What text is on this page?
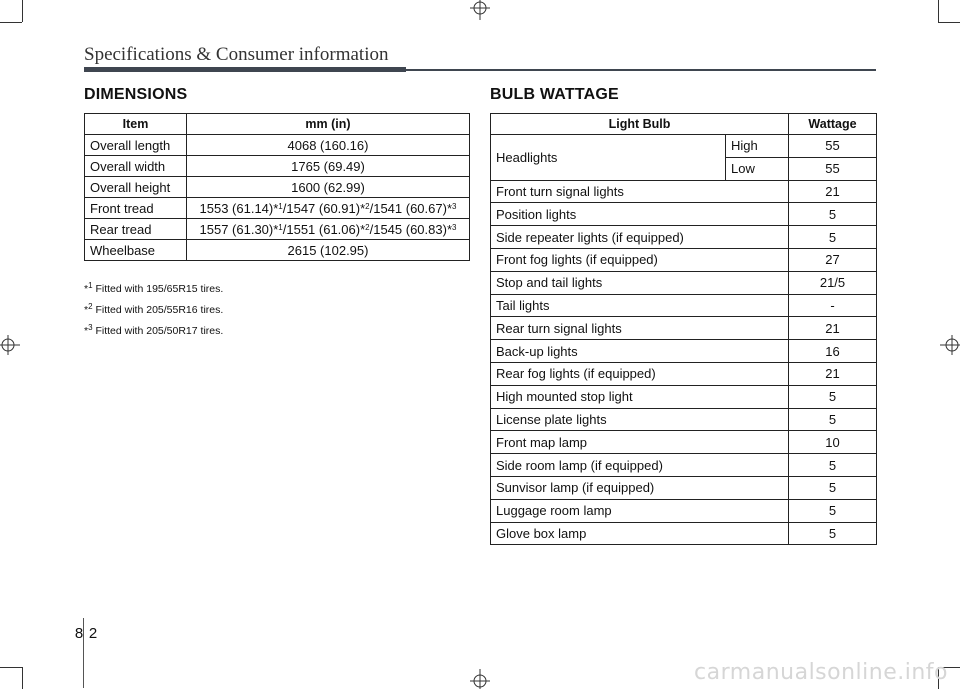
Specifications & Consumer information
DIMENSIONS
Item	mm (in)
Overall length	4068 (160.16)
Overall width	1765 (69.49)
Overall height	1600 (62.99)
Front tread	1553 (61.14)*$^1$/1547 (60.91)*$^2$/1541 (60.67)*$^3$
Rear tread	1557 (61.30)*$^1$/1551 (61.06)*$^2$/1545 (60.83)*$^3$
Wheelbase	2615 (102.95)
*$^1$ Fitted with 195/65R15 tires.
*$^2$ Fitted with 205/55R16 tires.
*$^3$ Fitted with 205/50R17 tires.
BULB WATTAGE
Light Bulb		Wattage
Headlights	High	55
	Low	55
Front turn signal lights		21
Position lights		5
Side repeater lights (if equipped)		5
Front fog lights (if equipped)		27
Stop and tail lights		21/5
Tail lights		-
Rear turn signal lights		21
Back-up lights		16
Rear fog lights (if equipped)		21
High mounted stop light		5
License plate lights		5
Front map lamp		10
Side room lamp (if equipped)		5
Sunvisor lamp (if equipped)		5
Luggage room lamp		5
Glove box lamp		5
8 2
carmanualsonline.info
